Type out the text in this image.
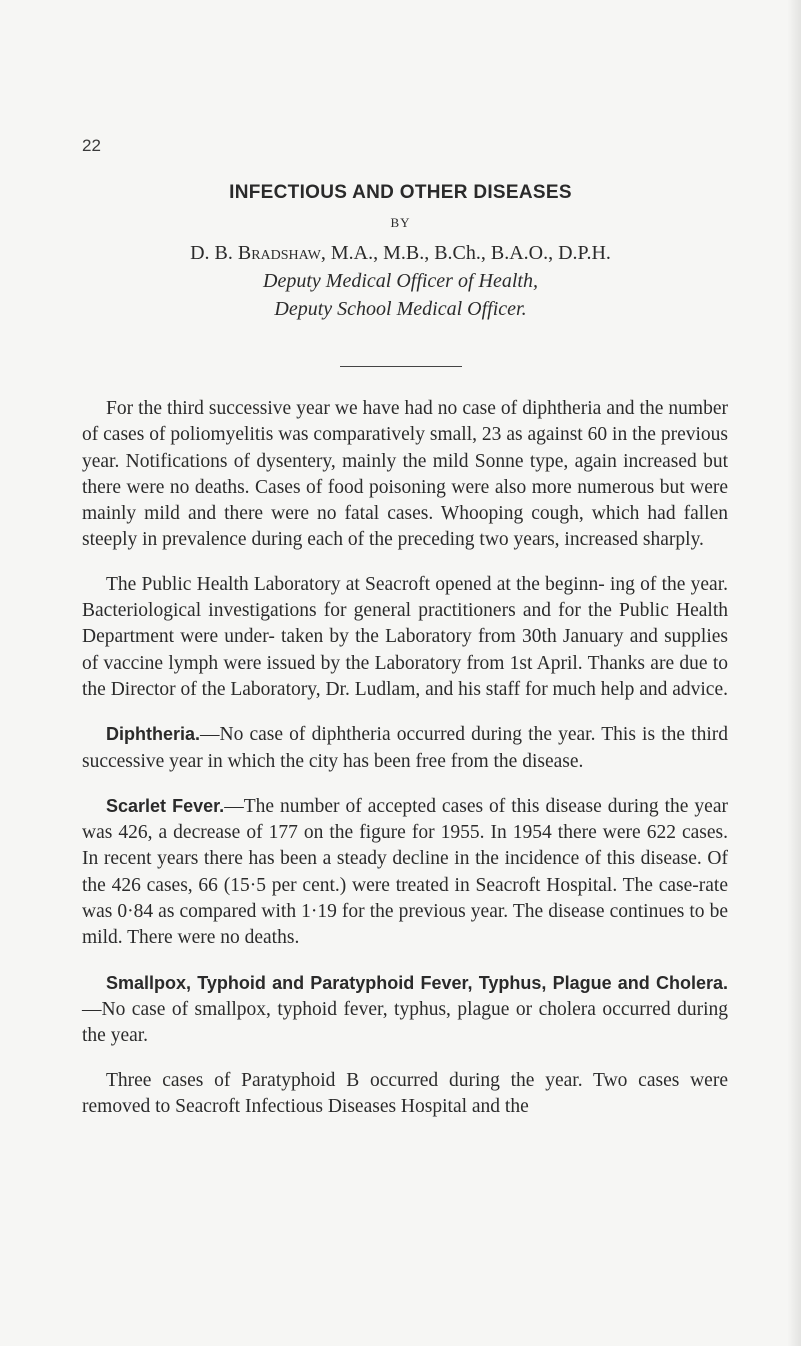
22
INFECTIOUS AND OTHER DISEASES
BY
D. B. Bradshaw, M.A., M.B., B.Ch., B.A.O., D.P.H.
Deputy Medical Officer of Health,
Deputy School Medical Officer.

For the third successive year we have had no case of diphtheria and the number of cases of poliomyelitis was comparatively small, 23 as against 60 in the previous year. Notifications of dysentery, mainly the mild Sonne type, again increased but there were no deaths. Cases of food poisoning were also more numerous but were mainly mild and there were no fatal cases. Whooping cough, which had fallen steeply in prevalence during each of the preceding two years, increased sharply.

The Public Health Laboratory at Seacroft opened at the beginn- ing of the year. Bacteriological investigations for general practitioners and for the Public Health Department were under- taken by the Laboratory from 30th January and supplies of vaccine lymph were issued by the Laboratory from 1st April. Thanks are due to the Director of the Laboratory, Dr. Ludlam, and his staff for much help and advice.

Diphtheria.—No case of diphtheria occurred during the year. This is the third successive year in which the city has been free from the disease.

Scarlet Fever.—The number of accepted cases of this disease during the year was 426, a decrease of 177 on the figure for 1955. In 1954 there were 622 cases. In recent years there has been a steady decline in the incidence of this disease. Of the 426 cases, 66 (15·5 per cent.) were treated in Seacroft Hospital. The case-rate was 0·84 as compared with 1·19 for the previous year. The disease continues to be mild. There were no deaths.

Smallpox, Typhoid and Paratyphoid Fever, Typhus, Plague and Cholera.—No case of smallpox, typhoid fever, typhus, plague or cholera occurred during the year.

Three cases of Paratyphoid B occurred during the year. Two cases were removed to Seacroft Infectious Diseases Hospital and the
